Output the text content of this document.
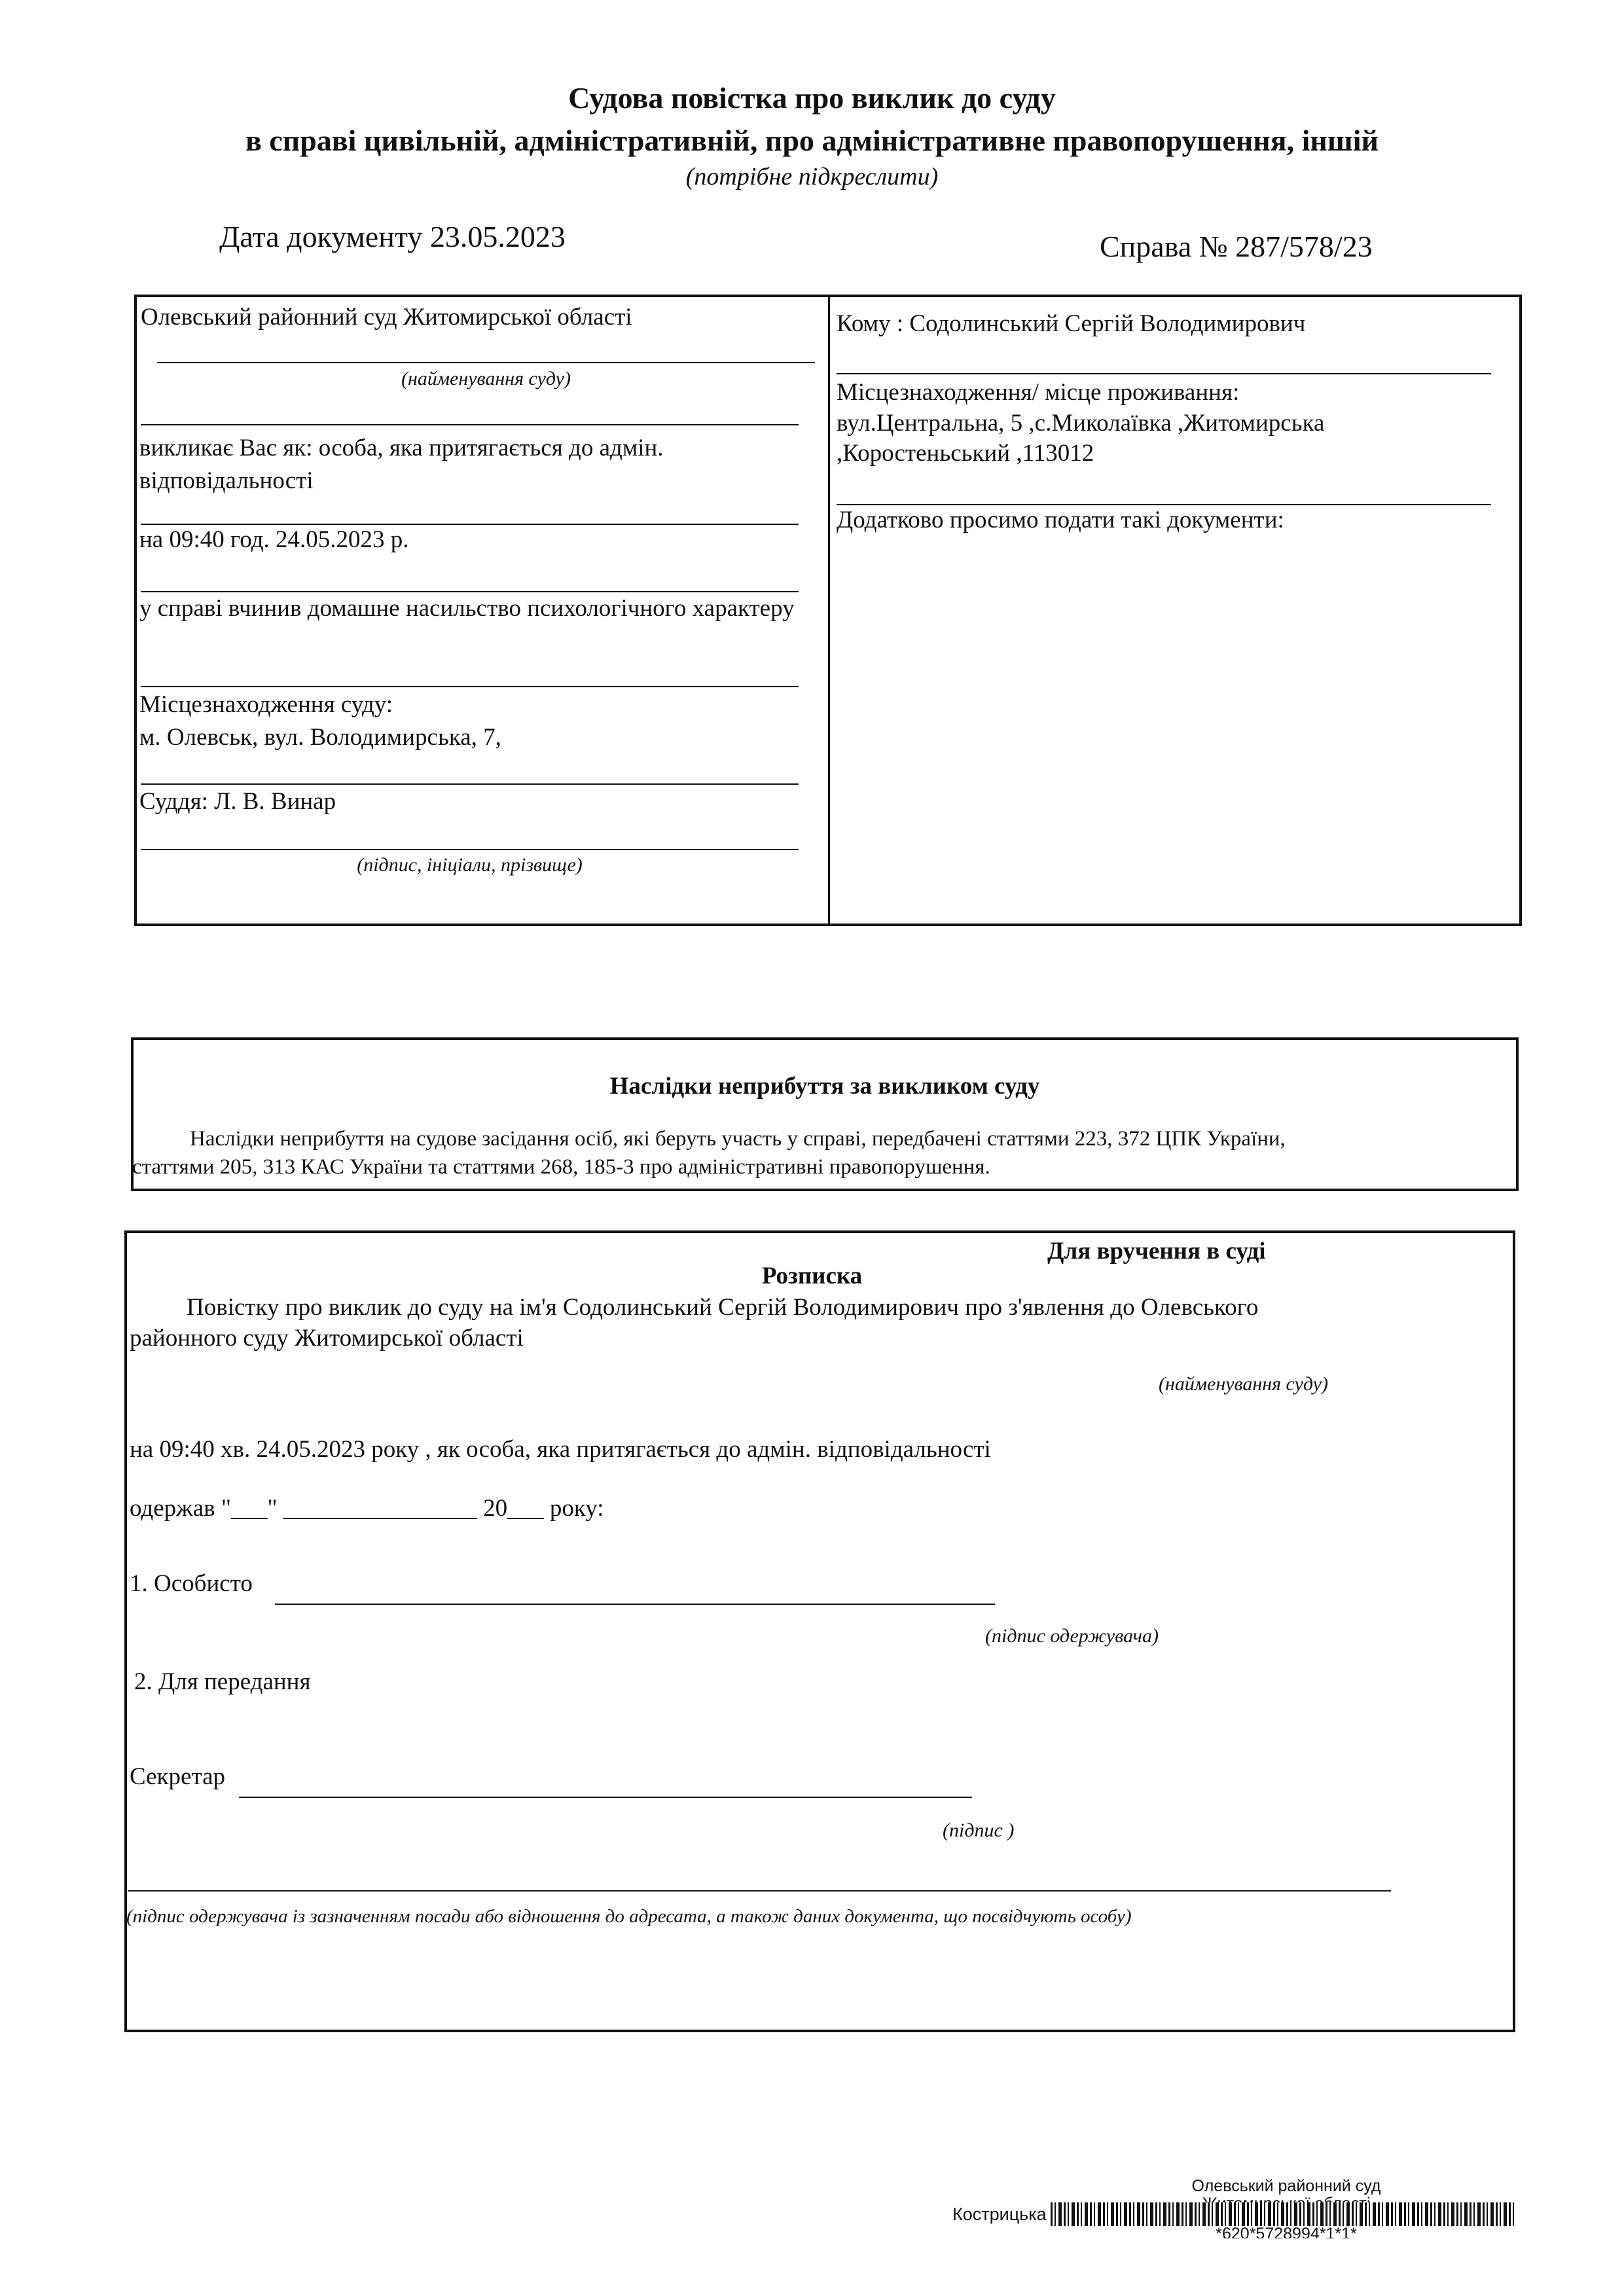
Судова повістка про виклик до суду
в справі цивільній, адміністративній, про адміністративне правопорушення, іншій
(потрібне підкреслити)
Дата документу 23.05.2023	Справа № 287/578/23
Олевський районний суд Житомирської області
(найменування суду)
викликає Вас як: особа, яка притягається до адмін. відповідальності
на 09:40 год. 24.05.2023 р.
у справі вчинив домашне насильство психологічного характеру
Місцезнаходження суду:
м. Олевськ, вул. Володимирська, 7,
Суддя: Л. В. Винар
(підпис, ініціали, прізвище)
Кому : Содолинський Сергій Володимирович
Місцезнаходження/ місце проживання:
вул.Центральна, 5 ,с.Миколаївка ,Житомирська
,Коростеньський ,113012
Додатково просимо подати такі документи:
Наслідки неприбуття за викликом суду
Наслідки неприбуття на судове засідання осіб, які беруть участь у справі, передбачені статтями 223, 372 ЦПК України,
статтями 205, 313 КАС України та статтями 268, 185-3 про адміністративні правопорушення.
Для вручення в суді
Розписка
Повістку про виклик до суду на ім'я Содолинський Сергій Володимирович про з'явлення до Олевського
районного суду Житомирської області
(найменування суду)
на 09:40 хв. 24.05.2023 року , як особа, яка притягається до адмін. відповідальності
одержав "___" ________________ 20___ року:
1. Особисто
(підпис одержувача)
2. Для передання
Секретар
(підпис )
(підпис одержувача із зазначенням посади або відношення до адресата, а також даних документа, що посвідчують особу)
Олевський районний суд
Кострицька
*620*5728994*1*1*
